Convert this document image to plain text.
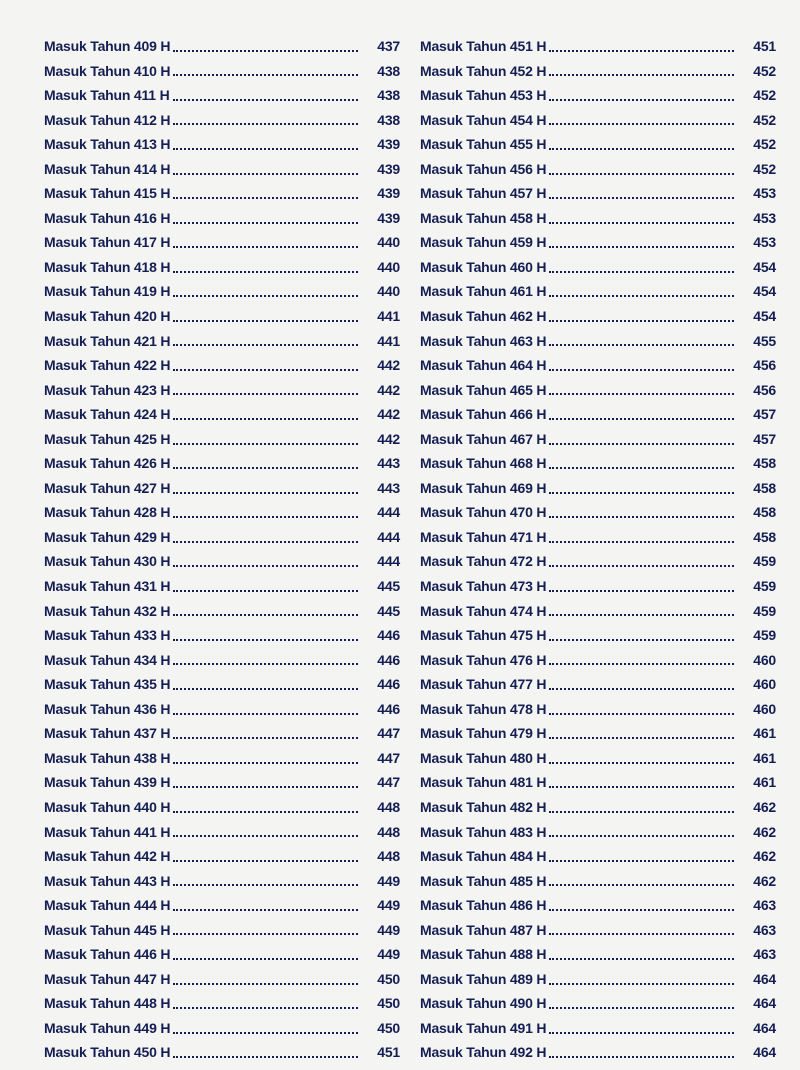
Masuk Tahun 409 H	437
Masuk Tahun 410 H	438
Masuk Tahun 411 H	438
Masuk Tahun 412 H	438
Masuk Tahun 413 H	439
Masuk Tahun 414 H	439
Masuk Tahun 415 H	439
Masuk Tahun 416 H	439
Masuk Tahun 417 H	440
Masuk Tahun 418 H	440
Masuk Tahun 419 H	440
Masuk Tahun 420 H	441
Masuk Tahun 421 H	441
Masuk Tahun 422 H	442
Masuk Tahun 423 H	442
Masuk Tahun 424 H	442
Masuk Tahun 425 H	442
Masuk Tahun 426 H	443
Masuk Tahun 427 H	443
Masuk Tahun 428 H	444
Masuk Tahun 429 H	444
Masuk Tahun 430 H	444
Masuk Tahun 431 H	445
Masuk Tahun 432 H	445
Masuk Tahun 433 H	446
Masuk Tahun 434 H	446
Masuk Tahun 435 H	446
Masuk Tahun 436 H	446
Masuk Tahun 437 H	447
Masuk Tahun 438 H	447
Masuk Tahun 439 H	447
Masuk Tahun 440 H	448
Masuk Tahun 441 H	448
Masuk Tahun 442 H	448
Masuk Tahun 443 H	449
Masuk Tahun 444 H	449
Masuk Tahun 445 H	449
Masuk Tahun 446 H	449
Masuk Tahun 447 H	450
Masuk Tahun 448 H	450
Masuk Tahun 449 H	450
Masuk Tahun 450 H	451
Masuk Tahun 451 H	451
Masuk Tahun 452 H	452
Masuk Tahun 453 H	452
Masuk Tahun 454 H	452
Masuk Tahun 455 H	452
Masuk Tahun 456 H	452
Masuk Tahun 457 H	453
Masuk Tahun 458 H	453
Masuk Tahun 459 H	453
Masuk Tahun 460 H	454
Masuk Tahun 461 H	454
Masuk Tahun 462 H	454
Masuk Tahun 463 H	455
Masuk Tahun 464 H	456
Masuk Tahun 465 H	456
Masuk Tahun 466 H	457
Masuk Tahun 467 H	457
Masuk Tahun 468 H	458
Masuk Tahun 469 H	458
Masuk Tahun 470 H	458
Masuk Tahun 471 H	458
Masuk Tahun 472 H	459
Masuk Tahun 473 H	459
Masuk Tahun 474 H	459
Masuk Tahun 475 H	459
Masuk Tahun 476 H	460
Masuk Tahun 477 H	460
Masuk Tahun 478 H	460
Masuk Tahun 479 H	461
Masuk Tahun 480 H	461
Masuk Tahun 481 H	461
Masuk Tahun 482 H	462
Masuk Tahun 483 H	462
Masuk Tahun 484 H	462
Masuk Tahun 485 H	462
Masuk Tahun 486 H	463
Masuk Tahun 487 H	463
Masuk Tahun 488 H	463
Masuk Tahun 489 H	464
Masuk Tahun 490 H	464
Masuk Tahun 491 H	464
Masuk Tahun 492 H	464
